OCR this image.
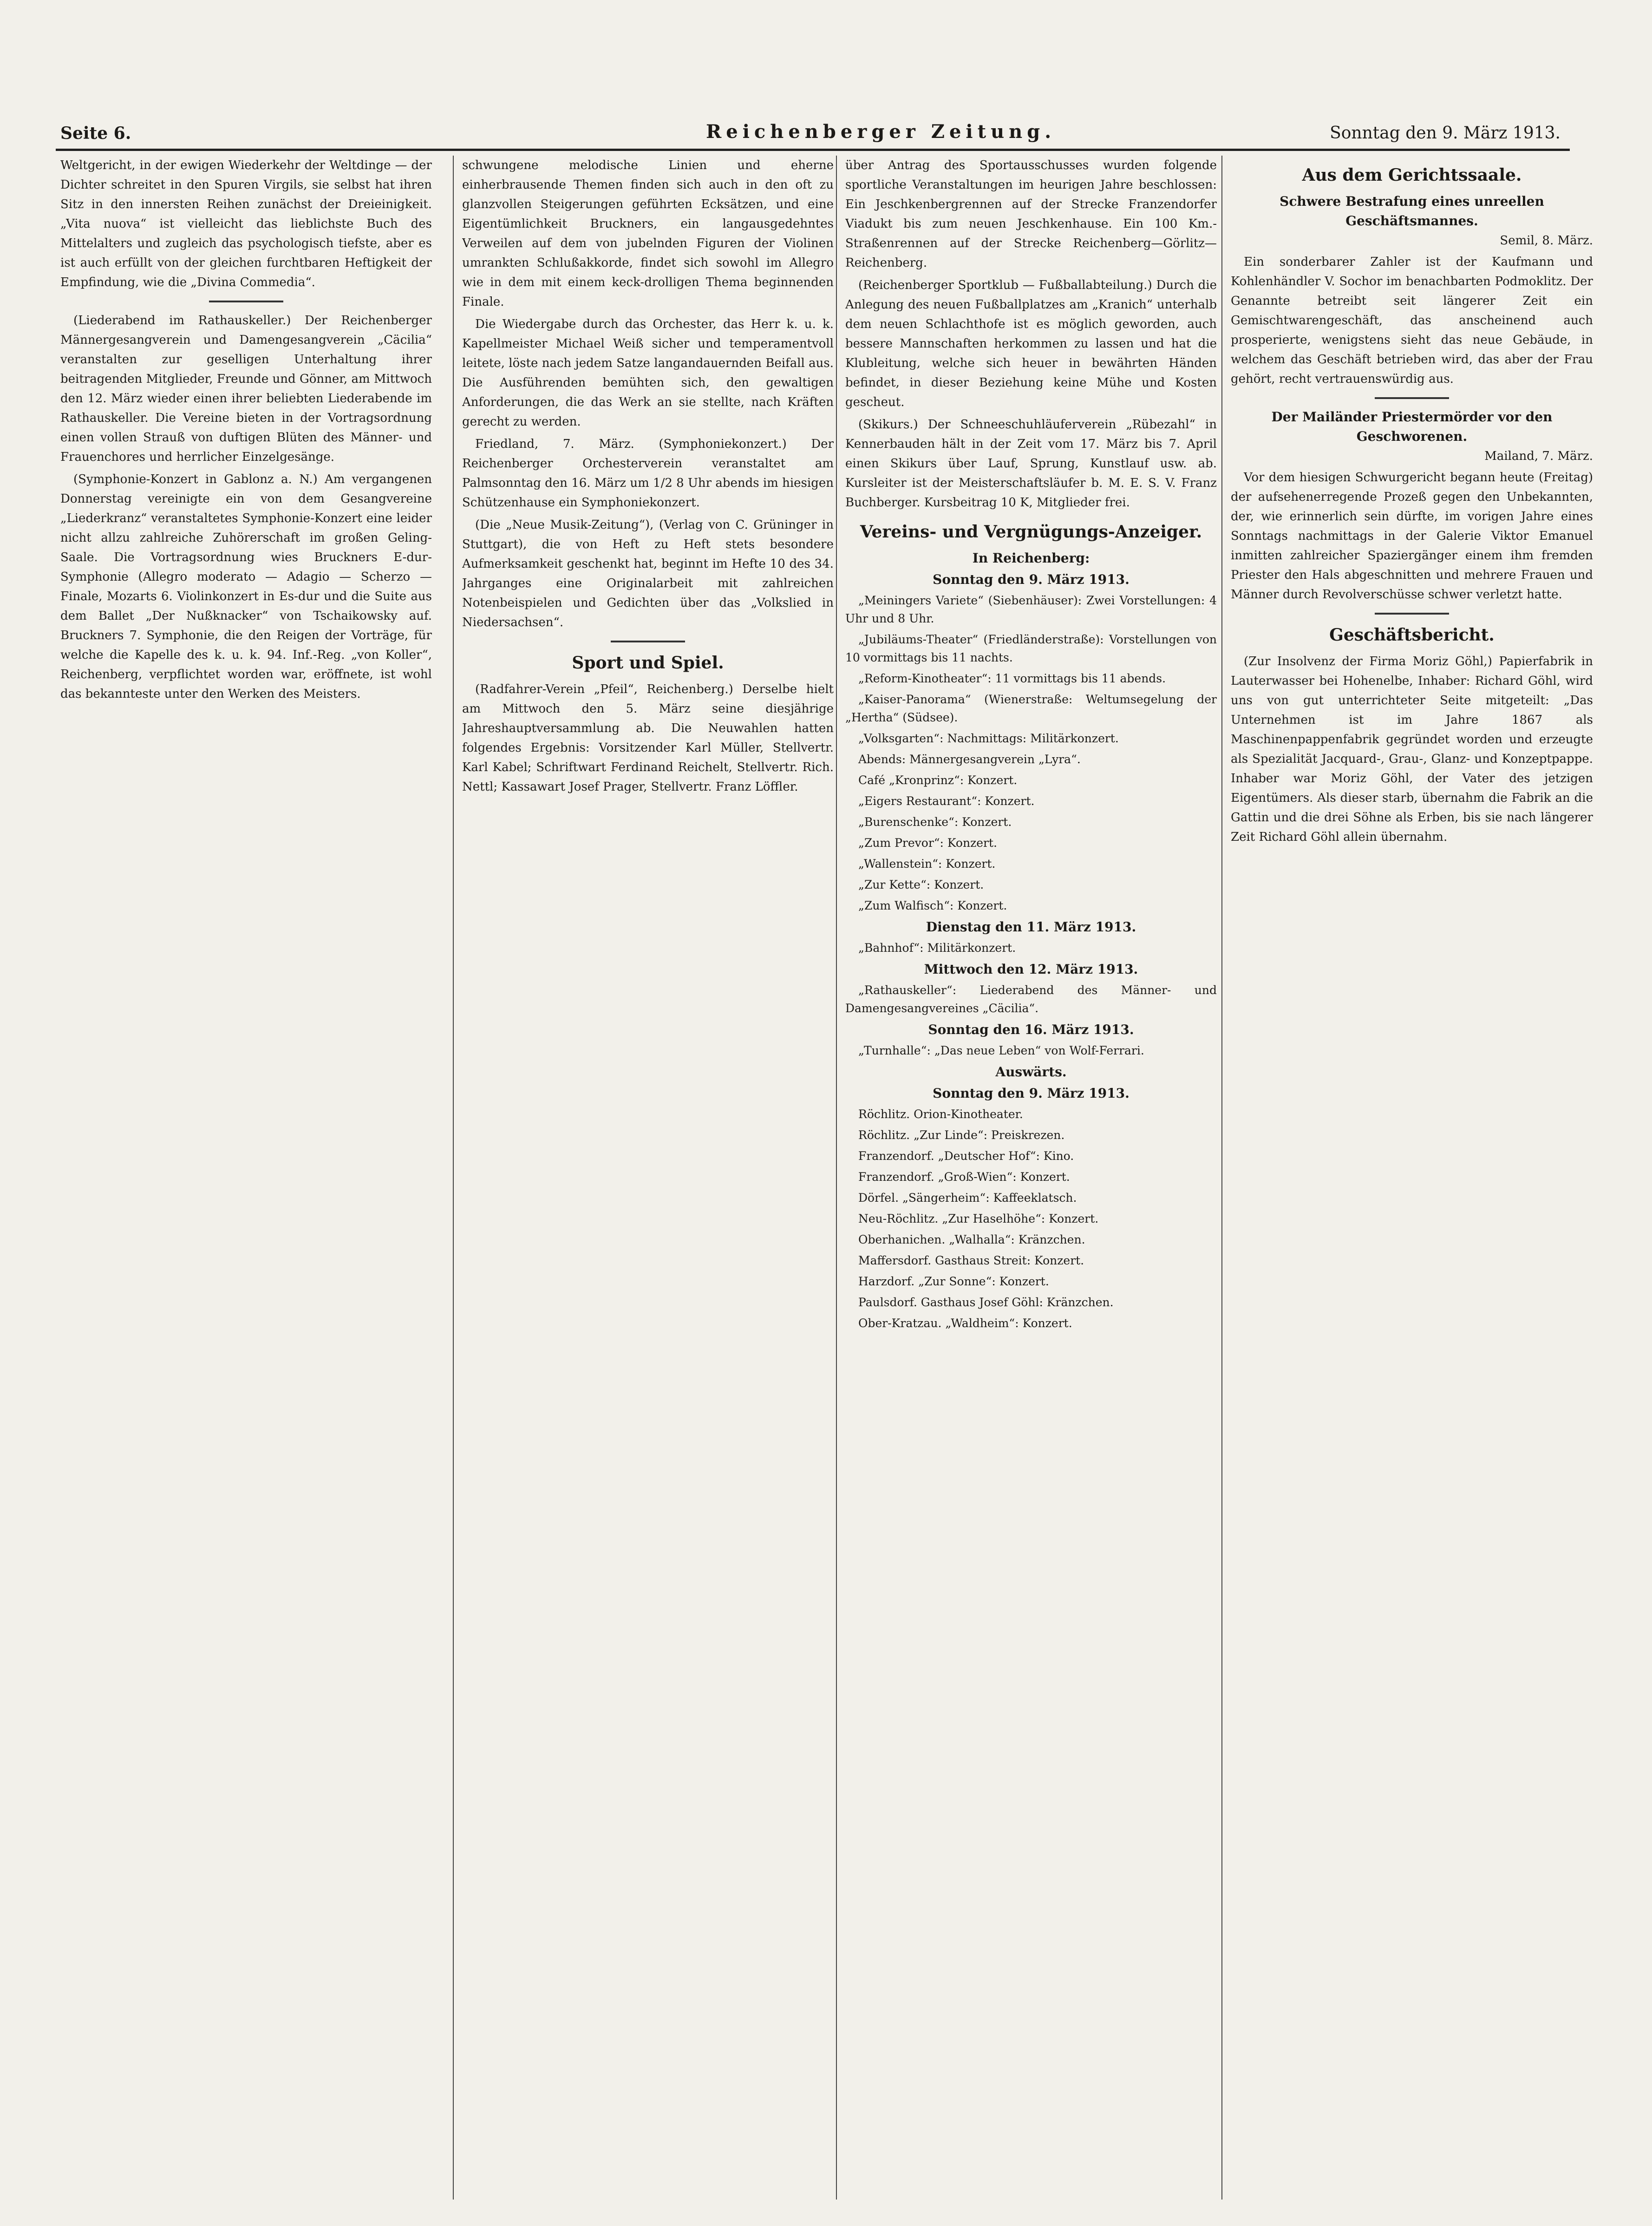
Seite 6.	Reichenberger Zeitung.	Sonntag den 9. März 1913.

Weltgericht, in der ewigen Wiederkehr der Weltdinge — der Dichter schreitet in den Spuren Virgils, sie selbst hat ihren Sitz in den innersten Reihen zunächst der Dreieinigkeit. „Vita nuova“ ist vielleicht das lieblichste Buch des Mittelalters und zugleich das psychologisch tiefste, aber es ist auch erfüllt von der gleichen furchtbaren Heftigkeit der Empfindung, wie die „Divina Commedia“.

(Liederabend im Rathauskeller.) Der Reichenberger Männergesangverein und Damengesangverein „Cäcilia“ veranstalten zur geselligen Unterhaltung ihrer beitragenden Mitglieder, Freunde und Gönner, am Mittwoch den 12. März wieder einen ihrer beliebten Liederabende im Rathauskeller. Die Vereine bieten in der Vortragsordnung einen vollen Strauß von duftigen Blüten des Männer- und Frauenchores und herrlicher Einzelgesänge.

(Symphonie-Konzert in Gablonz a. N.) Am vergangenen Donnerstag vereinigte ein von dem Gesangvereine „Liederkranz“ veranstaltetes Symphonie-Konzert eine leider nicht allzu zahlreiche Zuhörerschaft im großen Geling-Saale. Die Vortragsordnung wies Bruckners E-dur-Symphonie (Allegro moderato — Adagio — Scherzo — Finale, Mozarts 6. Violinkonzert in Es-dur und die Suite aus dem Ballet „Der Nußknacker“ von Tschaikowsky auf. Bruckners 7. Symphonie, die den Reigen der Vorträge, für welche die Kapelle des k. u. k. 94. Inf.-Reg. „von Koller“, Reichenberg, verpflichtet worden war, eröffnete, ist wohl das bekannteste unter den Werken des Meisters.

schwungene melodische Linien und eherne einherbrausende Themen finden sich auch in den oft zu glanzvollen Steigerungen geführten Ecksätzen, und eine Eigentümlichkeit Bruckners, ein langausgedehntes Verweilen auf dem von jubelnden Figuren der Violinen umrankten Schlußakkorde, findet sich sowohl im Allegro wie in dem mit einem keck-drolligen Thema beginnenden Finale.

Die Wiedergabe durch das Orchester, das Herr k. u. k. Kapellmeister Michael Weiß sicher und temperamentvoll leitete, löste nach jedem Satze langandauernden Beifall aus. Die Ausführenden bemühten sich, den gewaltigen Anforderungen, die das Werk an sie stellte, nach Kräften gerecht zu werden.

Friedland, 7. März. (Symphoniekonzert.) Der Reichenberger Orchesterverein veranstaltet am Palmsonntag den 16. März um 1/2 8 Uhr abends im hiesigen Schützenhause ein Symphoniekonzert.

(Die „Neue Musik-Zeitung“), (Verlag von C. Grüninger in Stuttgart), die von Heft zu Heft stets besondere Aufmerksamkeit geschenkt hat, beginnt im Hefte 10 des 34. Jahrganges eine Originalarbeit mit zahlreichen Notenbeispielen und Gedichten über das „Volkslied in Niedersachsen“.

Sport und Spiel.

(Radfahrer-Verein „Pfeil“, Reichenberg.) Derselbe hielt am Mittwoch den 5. März seine diesjährige Jahreshauptversammlung ab. Die Neuwahlen hatten folgendes Ergebnis: Vorsitzender Karl Müller, Stellvertr. Karl Kabel; Schriftwart Ferdinand Reichelt, Stellvertr. Rich. Nettl; Kassawart Josef Prager, Stellvertr. Franz Löffler.

über Antrag des Sportausschusses wurden folgende sportliche Veranstaltungen im heurigen Jahre beschlossen: Ein Jeschkenbergrennen auf der Strecke Franzendorfer Viadukt bis zum neuen Jeschkenhause. Ein 100 Km.-Straßenrennen auf der Strecke Reichenberg—Görlitz—Reichenberg.

(Reichenberger Sportklub — Fußballabteilung.) Durch die Anlegung des neuen Fußballplatzes am „Kranich“ unterhalb dem neuen Schlachthofe ist es möglich geworden, auch bessere Mannschaften herkommen zu lassen und hat die Klubleitung, welche sich heuer in bewährten Händen befindet, in dieser Beziehung keine Mühe und Kosten gescheut.

(Skikurs.) Der Schneeschuhläuferverein „Rübezahl“ in Kennerbauden hält in der Zeit vom 17. März bis 7. April einen Skikurs über Lauf, Sprung, Kunstlauf usw. ab. Kursleiter ist der Meisterschaftsläufer b. M. E. S. V. Franz Buchberger. Kursbeitrag 10 K, Mitglieder frei.

Vereins- und Vergnügungs-Anzeiger.
In Reichenberg:
Sonntag den 9. März 1913.

„Meiningers Variete“ (Siebenhäuser): Zwei Vorstellungen: 4 Uhr und 8 Uhr.

„Jubiläums-Theater“ (Friedländerstraße): Vorstellungen von 10 vormittags bis 11 nachts.

„Reform-Kinotheater“: 11 vormittags bis 11 abends.

„Kaiser-Panorama“ (Wienerstraße: Weltumsegelung der „Hertha“ (Südsee).

„Volksgarten“: Nachmittags: Militärkonzert.

Abends: Männergesangverein „Lyra“.

Café „Kronprinz“: Konzert.

„Eigers Restaurant“: Konzert.

„Burenschenke“: Konzert.

„Zum Prevor“: Konzert.

„Wallenstein“: Konzert.

„Zur Kette“: Konzert.

„Zum Walfisch“: Konzert.

Dienstag den 11. März 1913.

„Bahnhof“: Militärkonzert.

Mittwoch den 12. März 1913.

„Rathauskeller“: Liederabend des Männer- und Damengesangvereines „Cäcilia“.

Sonntag den 16. März 1913.

„Turnhalle“: „Das neue Leben“ von Wolf-Ferrari.

Auswärts.
Sonntag den 9. März 1913.

Röchlitz. Orion-Kinotheater.

Röchlitz. „Zur Linde“: Preiskrezen.

Franzendorf. „Deutscher Hof“: Kino.

Franzendorf. „Groß-Wien“: Konzert.

Dörfel. „Sängerheim“: Kaffeeklatsch.

Neu-Röchlitz. „Zur Haselhöhe“: Konzert.

Oberhanichen. „Walhalla“: Kränzchen.

Maffersdorf. Gasthaus Streit: Konzert.

Harzdorf. „Zur Sonne“: Konzert.

Paulsdorf. Gasthaus Josef Göhl: Kränzchen.

Ober-Kratzau. „Waldheim“: Konzert.

Aus dem Gerichtssaale.
Schwere Bestrafung eines unreellen Geschäftsmannes.
Semil, 8. März.

Ein sonderbarer Zahler ist der Kaufmann und Kohlenhändler V. Sochor im benachbarten Podmoklitz. Der Genannte betreibt seit längerer Zeit ein Gemischtwarengeschäft, das anscheinend auch prosperierte, wenigstens sieht das neue Gebäude, in welchem das Geschäft betrieben wird, das aber der Frau gehört, recht vertrauenswürdig aus.

Der Mailänder Priestermörder vor den Geschworenen.
Mailand, 7. März.

Vor dem hiesigen Schwurgericht begann heute (Freitag) der aufsehenerregende Prozeß gegen den Unbekannten, der, wie erinnerlich sein dürfte, im vorigen Jahre eines Sonntags nachmittags in der Galerie Viktor Emanuel inmitten zahlreicher Spaziergänger einem ihm fremden Priester den Hals abgeschnitten und mehrere Frauen und Männer durch Revolverschüsse schwer verletzt hatte.

Geschäftsbericht.

(Zur Insolvenz der Firma Moriz Göhl,) Papierfabrik in Lauterwasser bei Hohenelbe, Inhaber: Richard Göhl, wird uns von gut unterrichteter Seite mitgeteilt: „Das Unternehmen ist im Jahre 1867 als Maschinenpappenfabrik gegründet worden und erzeugte als Spezialität Jacquard-, Grau-, Glanz- und Konzeptpappe. Inhaber war Moriz Göhl, der Vater des jetzigen Eigentümers. Als dieser starb, übernahm die Fabrik an die Gattin und die drei Söhne als Erben, bis sie nach längerer Zeit Richard Göhl allein übernahm.
